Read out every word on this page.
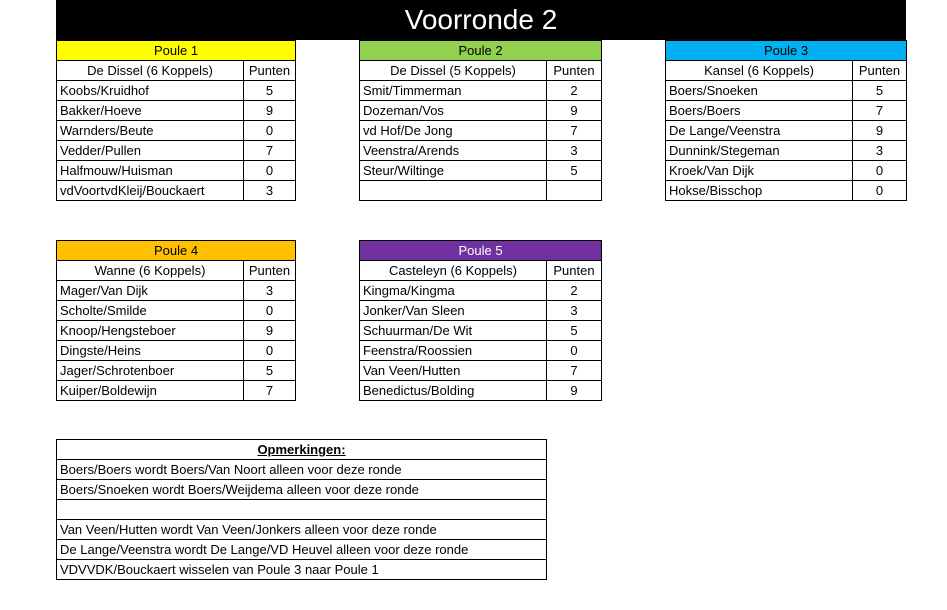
Voorronde 2
Poule 1	
De Dissel (6 Koppels)	Punten
Koobs/Kruidhof	5
Bakker/Hoeve	9
Warnders/Beute	0
Vedder/Pullen	7
Halfmouw/Huisman	0
vdVoortvdKleij/Bouckaert	3
Poule 2	
De Dissel (5 Koppels)	Punten
Smit/Timmerman	2
Dozeman/Vos	9
vd Hof/De Jong	7
Veenstra/Arends	3
Steur/Wiltinge	5

Poule 3	
Kansel (6 Koppels)	Punten
Boers/Snoeken	5
Boers/Boers	7
De Lange/Veenstra	9
Dunnink/Stegeman	3
Kroek/Van Dijk	0
Hokse/Bisschop	0
Poule 4	
Wanne (6 Koppels)	Punten
Mager/Van Dijk	3
Scholte/Smilde	0
Knoop/Hengsteboer	9
Dingste/Heins	0
Jager/Schrotenboer	5
Kuiper/Boldewijn	7
Poule 5	
Casteleyn (6 Koppels)	Punten
Kingma/Kingma	2
Jonker/Van Sleen	3
Schuurman/De Wit	5
Feenstra/Roossien	0
Van Veen/Hutten	7
Benedictus/Bolding	9
Opmerkingen:
Boers/Boers wordt Boers/Van Noort alleen voor deze ronde
Boers/Snoeken wordt Boers/Weijdema alleen voor deze ronde

Van Veen/Hutten wordt Van Veen/Jonkers alleen voor deze ronde
De Lange/Veenstra wordt De Lange/VD Heuvel alleen voor deze ronde
VDVVDK/Bouckaert wisselen van Poule 3 naar Poule 1
